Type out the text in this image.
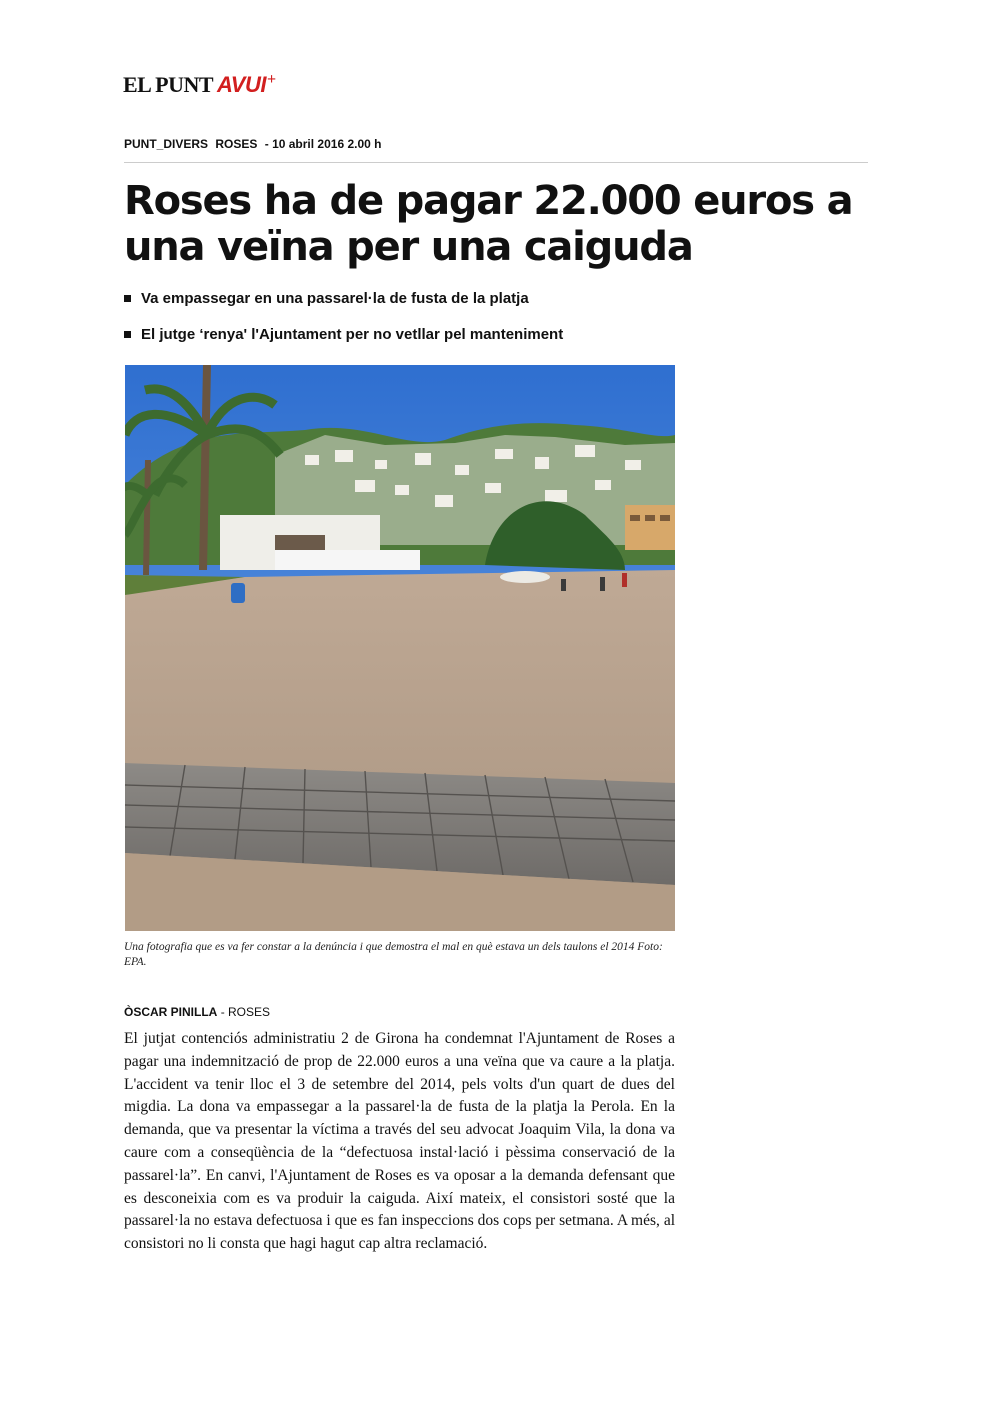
EL PUNT AVUI +
PUNT_DIVERS ROSES - 10 abril 2016 2.00 h
Roses ha de pagar 22.000 euros a una veïna per una caiguda
Va empassegar en una passarel·la de fusta de la platja
El jutge ‘renya' l'Ajuntament per no vetllar pel manteniment

Una fotografia que es va fer constar a la denúncia i que demostra el mal en què estava un dels taulons el 2014 Foto: EPA.

ÒSCAR PINILLA - ROSES

El jutjat contenciós administratiu 2 de Girona ha condemnat l'Ajuntament de Roses a pagar una indemnització de prop de 22.000 euros a una veïna que va caure a la platja. L'accident va tenir lloc el 3 de setembre del 2014, pels volts d'un quart de dues del migdia. La dona va empassegar a la passarel·la de fusta de la platja la Perola. En la demanda, que va presentar la víctima a través del seu advocat Joaquim Vila, la dona va caure com a conseqüència de la “defectuosa instal·lació i pèssima conservació de la passarel·la”. En canvi, l'Ajuntament de Roses es va oposar a la demanda defensant que es desconeixia com es va produir la caiguda. Així mateix, el consistori sosté que la passarel·la no estava defectuosa i que es fan inspeccions dos cops per setmana. A més, al consistori no li consta que hagi hagut cap altra reclamació.
